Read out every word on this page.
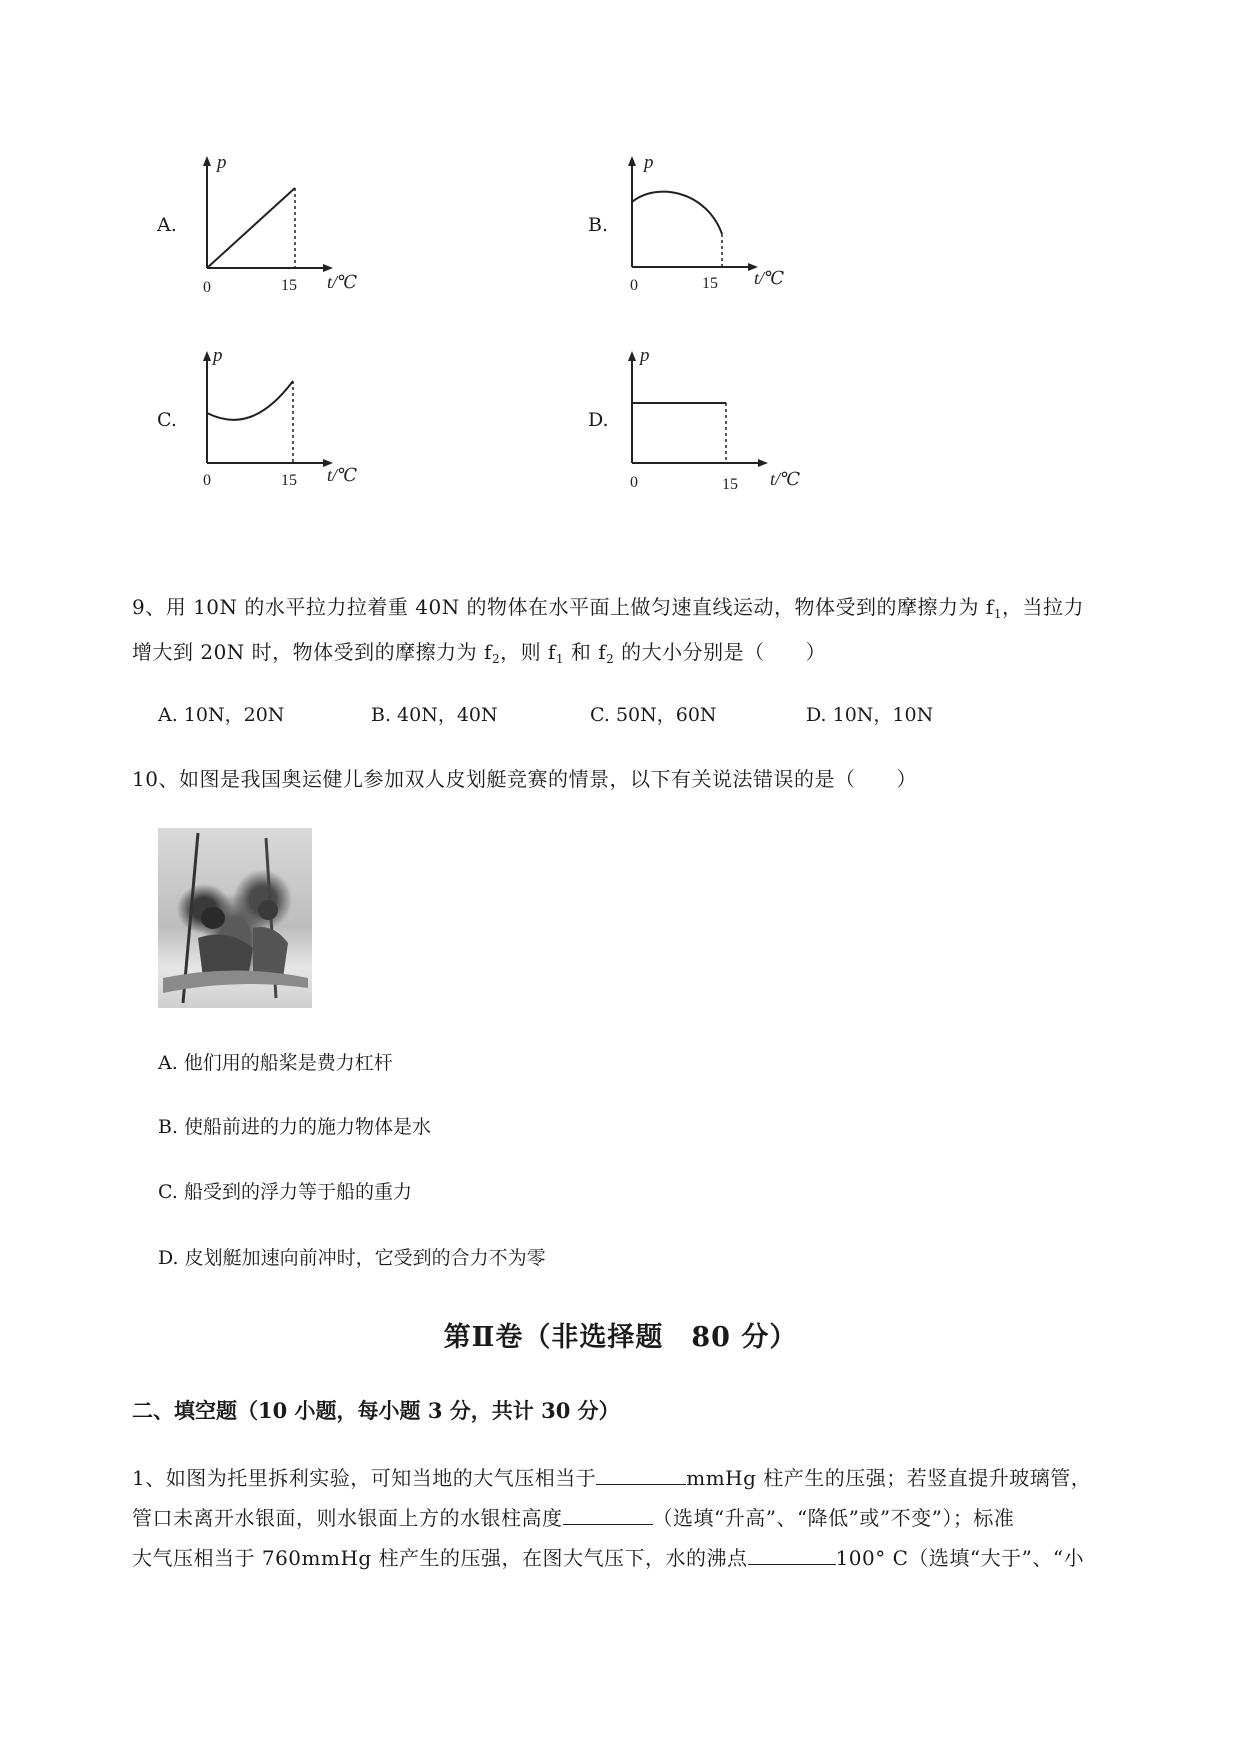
A.
p
0	15 t/℃
B.
p
0	15 t/℃
C.
p
0	15 t/℃
D.
p
0	15 t/℃
9、用 10N 的水平拉力拉着重 40N 的物体在水平面上做匀速直线运动，物体受到的摩擦力为 $f_1$，当拉力
增大到 20N 时，物体受到的摩擦力为 $f_2$，则 $f_1$ 和 $f_2$ 的大小分别是（　　）
A. 10N，20N	B. 40N，40N	C. 50N，60N	D. 10N，10N
10、如图是我国奥运健儿参加双人皮划艇竞赛的情景，以下有关说法错误的是（　　）
A. 他们用的船桨是费力杠杆
B. 使船前进的力的施力物体是水
C. 船受到的浮力等于船的重力
D. 皮划艇加速向前冲时，它受到的合力不为零
第Ⅱ卷（非选择题　80 分）
二、填空题（10 小题，每小题 3 分，共计 30 分）
1、如图为托里拆利实验，可知当地的大气压相当于	mmHg 柱产生的压强；若竖直提升玻璃管，
管口未离开水银面，则水银面上方的水银柱高度	（选填“升高”、“降低”或”不变”）；标准
大气压相当于 760mmHg 柱产生的压强，在图大气压下，水的沸点	100° C（选填“大于”、“小
